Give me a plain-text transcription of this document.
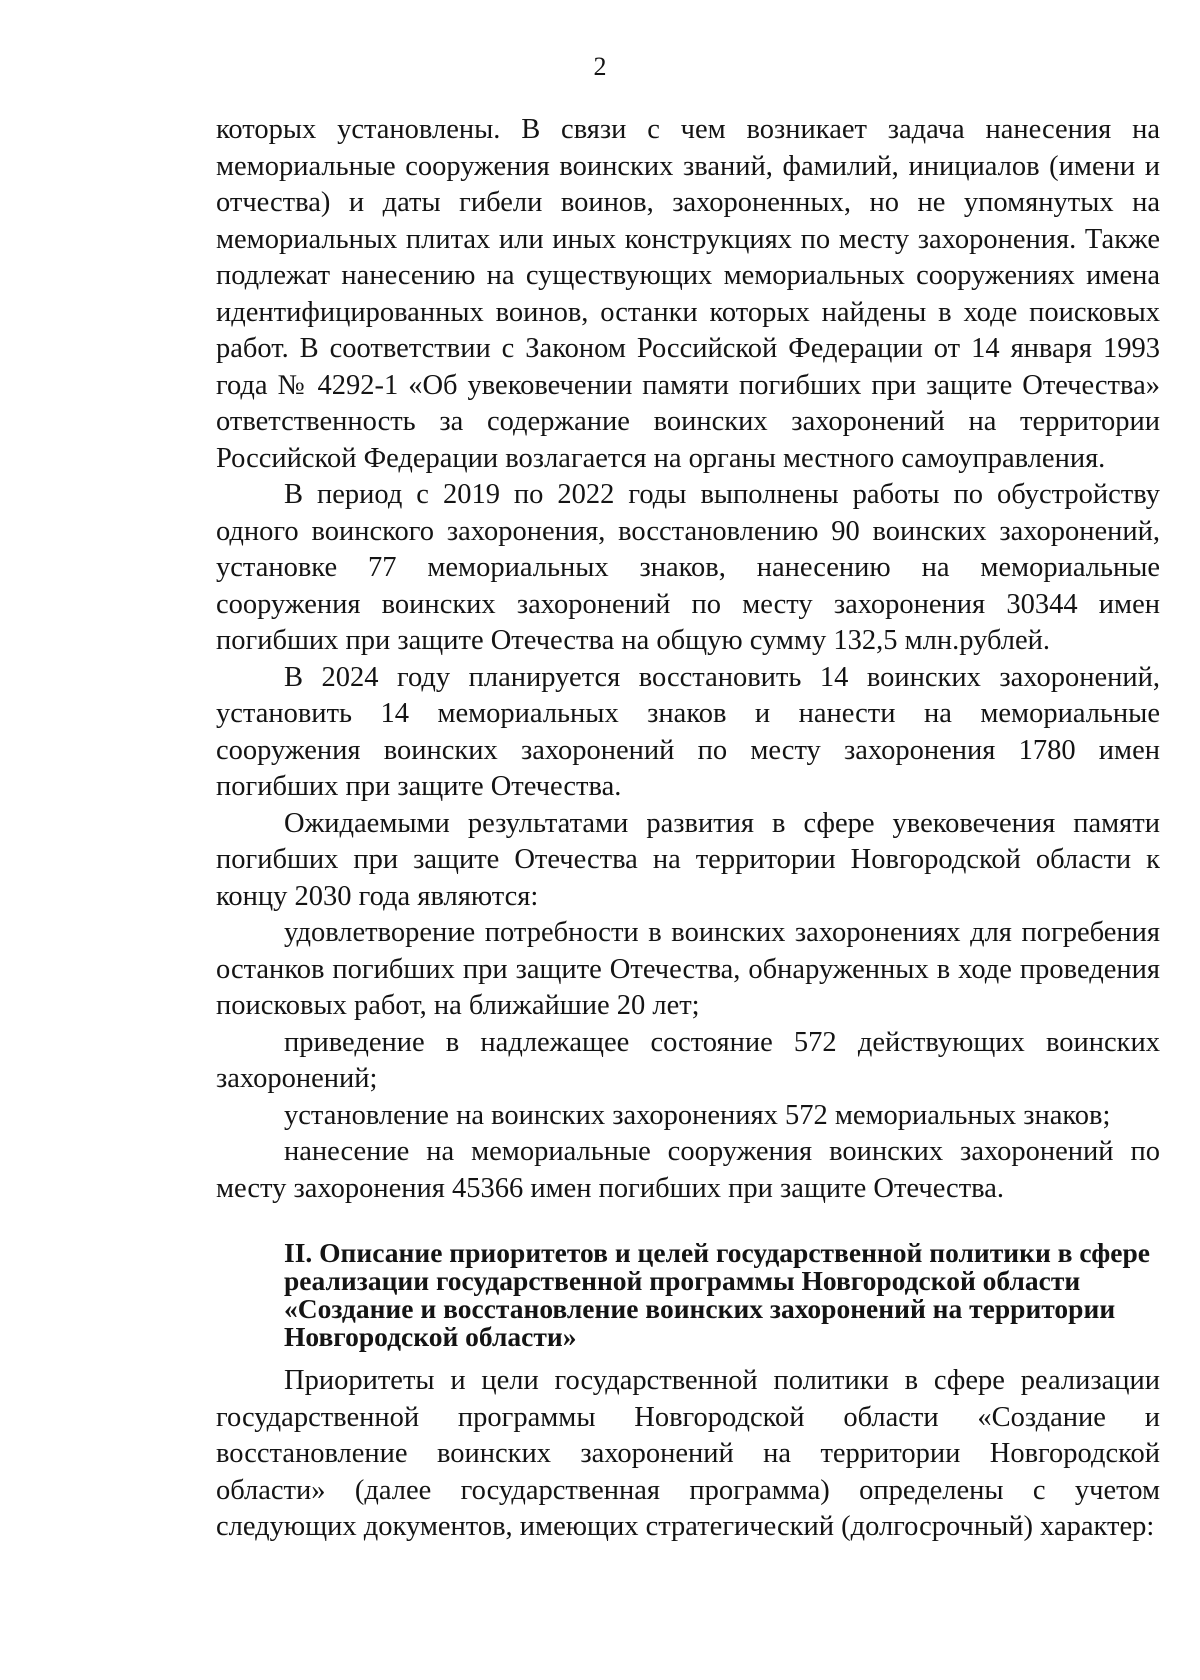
2

которых установлены. В связи с чем возникает задача нанесения на мемориальные сооружения воинских званий, фамилий, инициалов (имени и отчества) и даты гибели воинов, захороненных, но не упомянутых на мемориальных плитах или иных конструкциях по месту захоронения. Также подлежат нанесению на существующих мемориальных сооружениях имена идентифицированных воинов, останки которых найдены в ходе поисковых работ. В соответствии с Законом Российской Федерации от 14 января 1993 года № 4292-1 «Об увековечении памяти погибших при защите Отечества» ответственность за содержание воинских захоронений на территории Российской Федерации возлагается на органы местного самоуправления.

В период с 2019 по 2022 годы выполнены работы по обустройству одного воинского захоронения, восстановлению 90 воинских захоронений, установке 77 мемориальных знаков, нанесению на мемориальные сооружения воинских захоронений по месту захоронения 30344 имен погибших при защите Отечества на общую сумму 132,5 млн.рублей.

В 2024 году планируется восстановить 14 воинских захоронений, установить 14 мемориальных знаков и нанести на мемориальные сооружения воинских захоронений по месту захоронения 1780 имен погибших при защите Отечества.

Ожидаемыми результатами развития в сфере увековечения памяти погибших при защите Отечества на территории Новгородской области к концу 2030 года являются:

удовлетворение потребности в воинских захоронениях для погребения останков погибших при защите Отечества, обнаруженных в ходе проведения поисковых работ, на ближайшие 20 лет;

приведение в надлежащее состояние 572 действующих воинских захоронений;

установление на воинских захоронениях 572 мемориальных знаков;

нанесение на мемориальные сооружения воинских захоронений по месту захоронения 45366 имен погибших при защите Отечества.

II. Описание приоритетов и целей государственной политики в сфере реализации государственной программы Новгородской области «Создание и восстановление воинских захоронений на территории Новгородской области»

Приоритеты и цели государственной политики в сфере реализации государственной программы Новгородской области «Создание и восстановление воинских захоронений на территории Новгородской области» (далее государственная программа) определены с учетом следующих документов, имеющих стратегический (долгосрочный) характер:
